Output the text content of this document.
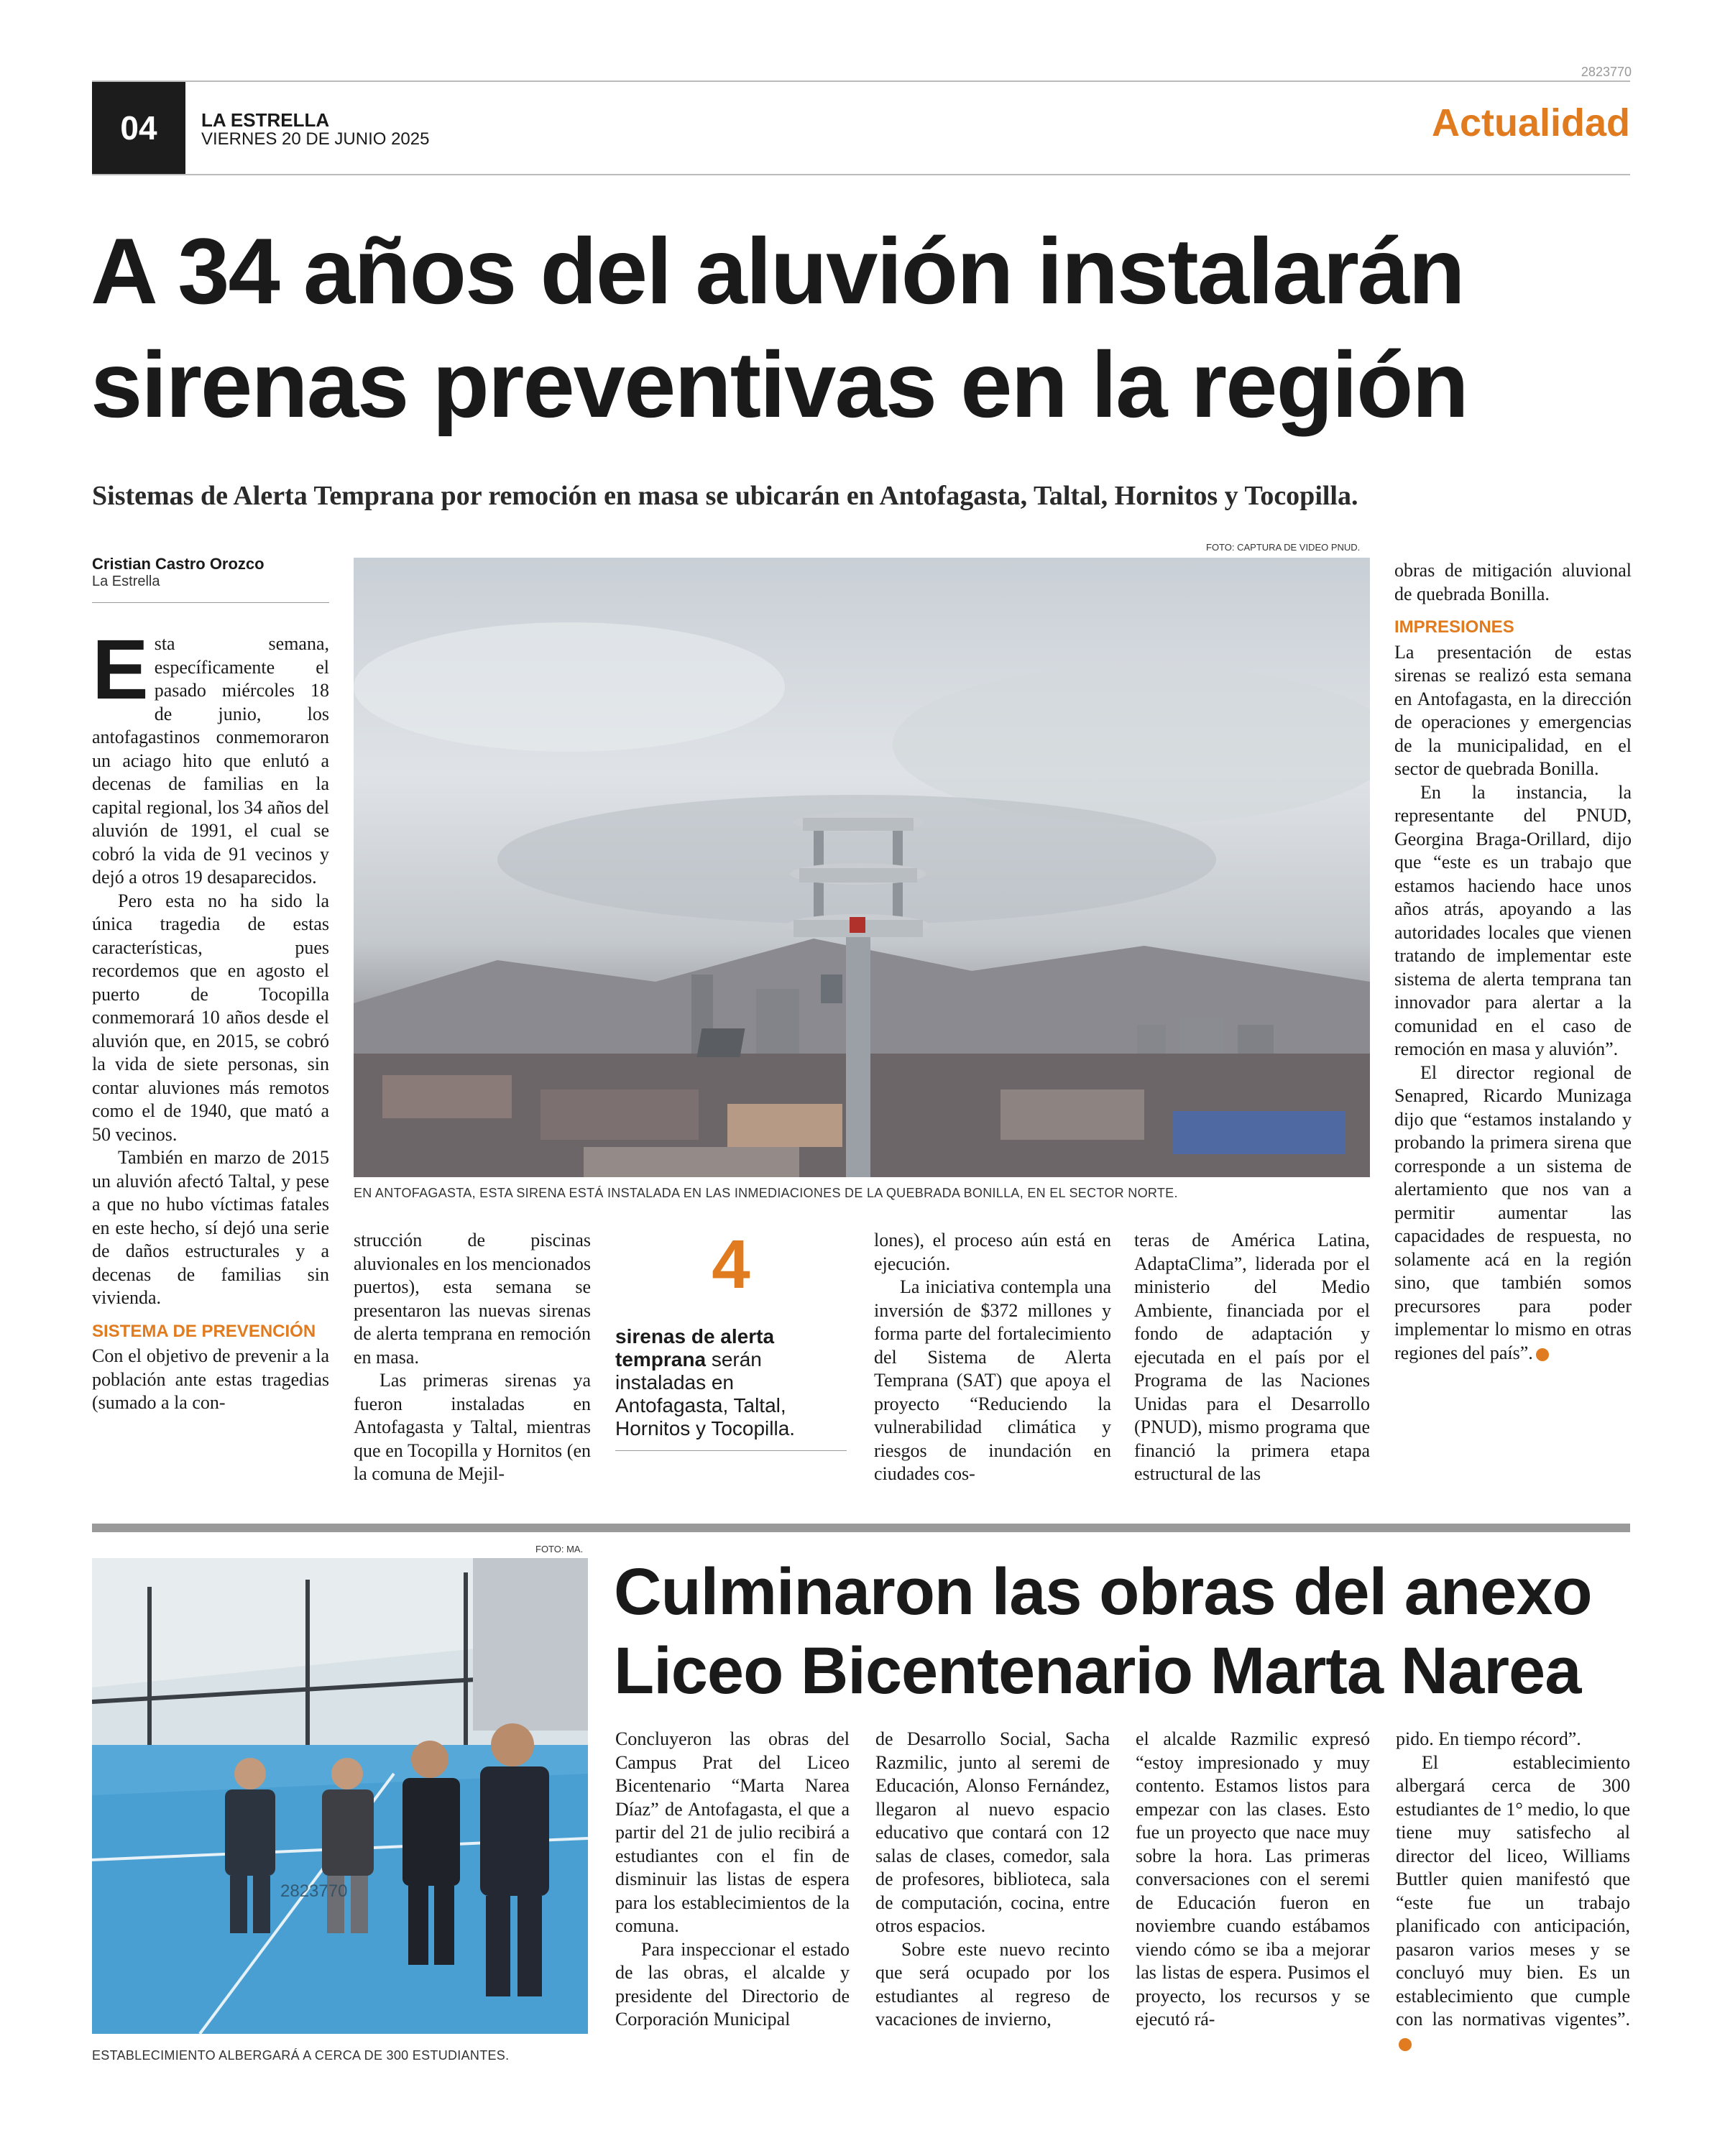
2823770
04 LA ESTRELLA
VIERNES 20 DE JUNIO 2025	Actualidad
A 34 años del aluvión instalarán
sirenas preventivas en la región
Sistemas de Alerta Temprana por remoción en masa se ubicarán en Antofagasta, Taltal, Hornitos y Tocopilla.
Cristian Castro Orozco
La Estrella
E sta semana, específicamente el pasado miércoles 18 de junio, los antofagastinos conmemoraron un aciago hito que enlutó a decenas de familias en la capital regional, los 34 años del aluvión de 1991, el cual se cobró la vida de 91 vecinos y dejó a otros 19 desaparecidos.

Pero esta no ha sido la única tragedia de estas características, pues recordemos que en agosto el puerto de Tocopilla conmemorará 10 años desde el aluvión que, en 2015, se cobró la vida de siete personas, sin contar aluviones más remotos como el de 1940, que mató a 50 vecinos.

También en marzo de 2015 un aluvión afectó Taltal, y pese a que no hubo víctimas fatales en este hecho, sí dejó una serie de daños estructurales y a decenas de familias sin vivienda.

SISTEMA DE PREVENCIÓN

Con el objetivo de prevenir a la población ante estas tragedias (sumado a la con-

FOTO: CAPTURA DE VIDEO PNUD.
EN ANTOFAGASTA, ESTA SIRENA ESTÁ INSTALADA EN LAS INMEDIACIONES DE LA QUEBRADA BONILLA, EN EL SECTOR NORTE.

strucción de piscinas aluvionales en los mencionados puertos), esta semana se presentaron las nuevas sirenas de alerta temprana en remoción en masa.

Las primeras sirenas ya fueron instaladas en Antofagasta y Taltal, mientras que en Tocopilla y Hornitos (en la comuna de Mejil-

4
sirenas de alerta temprana serán instaladas en Antofagasta, Taltal, Hornitos y Tocopilla.

lones), el proceso aún está en ejecución.

La iniciativa contempla una inversión de $372 millones y forma parte del fortalecimiento del Sistema de Alerta Temprana (SAT) que apoya el proyecto “Reduciendo la vulnerabilidad climática y riesgos de inundación en ciudades cos-

teras de América Latina, AdaptaClima”, liderada por el ministerio del Medio Ambiente, financiada por el fondo de adaptación y ejecutada en el país por el Programa de las Naciones Unidas para el Desarrollo (PNUD), mismo programa que financió la primera etapa estructural de las

obras de mitigación aluvional de quebrada Bonilla.

IMPRESIONES

La presentación de estas sirenas se realizó esta semana en Antofagasta, en la dirección de operaciones y emergencias de la municipalidad, en el sector de quebrada Bonilla.

En la instancia, la representante del PNUD, Georgina Braga-Orillard, dijo que “este es un trabajo que estamos haciendo hace unos años atrás, apoyando a las autoridades locales que vienen tratando de implementar este sistema de alerta temprana tan innovador para alertar a la comunidad en el caso de remoción en masa y aluvión”.

El director regional de Senapred, Ricardo Munizaga dijo que “estamos instalando y probando la primera sirena que corresponde a un sistema de alertamiento que nos van a permitir aumentar las capacidades de respuesta, no solamente acá en la región sino, que también somos precursores para poder implementar lo mismo en otras regiones del país”.

FOTO: MA.
2823770
ESTABLECIMIENTO ALBERGARÁ A CERCA DE 300 ESTUDIANTES.
Culminaron las obras del anexo
Liceo Bicentenario Marta Narea

Concluyeron las obras del Campus Prat del Liceo Bicentenario “Marta Narea Díaz” de Antofagasta, el que a partir del 21 de julio recibirá a estudiantes con el fin de disminuir las listas de espera para los establecimientos de la comuna.

Para inspeccionar el estado de las obras, el alcalde y presidente del Directorio de Corporación Municipal

de Desarrollo Social, Sacha Razmilic, junto al seremi de Educación, Alonso Fernández, llegaron al nuevo espacio educativo que contará con 12 salas de clases, comedor, sala de profesores, biblioteca, sala de computación, cocina, entre otros espacios.

Sobre este nuevo recinto que será ocupado por los estudiantes al regreso de vacaciones de invierno,

el alcalde Razmilic expresó “estoy impresionado y muy contento. Estamos listos para empezar con las clases. Esto fue un proyecto que nace muy sobre la hora. Las primeras conversaciones con el seremi de Educación fueron en noviembre cuando estábamos viendo cómo se iba a mejorar las listas de espera. Pusimos el proyecto, los recursos y se ejecutó rá-

pido. En tiempo récord”.

El establecimiento albergará cerca de 300 estudiantes de 1° medio, lo que tiene muy satisfecho al director del liceo, Williams Buttler quien manifestó que “este fue un trabajo planificado con anticipación, pasaron varios meses y se concluyó muy bien. Es un establecimiento que cumple con las normativas vigentes”.
